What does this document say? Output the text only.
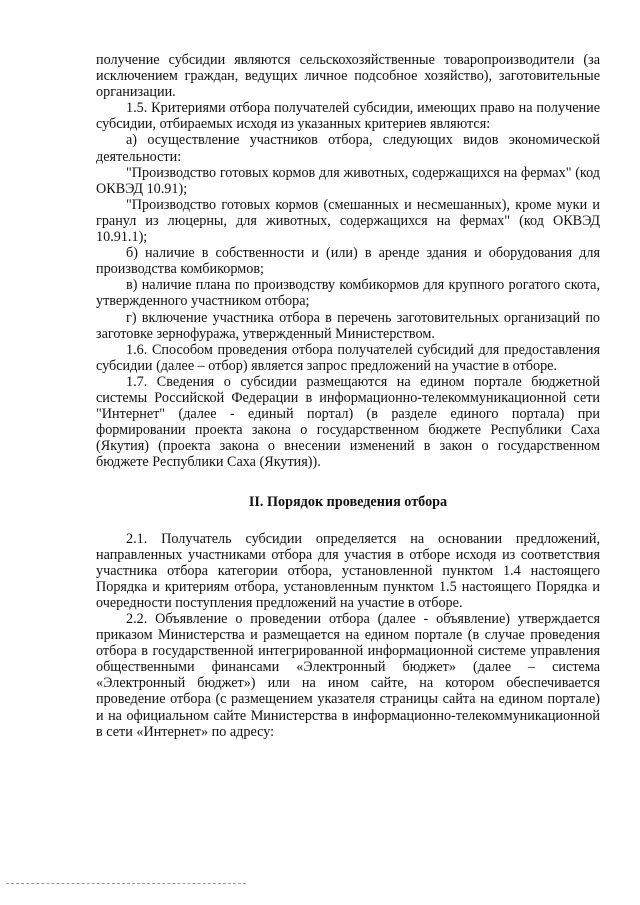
получение субсидии являются сельскохозяйственные товаропроизводители (за исключением граждан, ведущих личное подсобное хозяйство), заготовительные организации.

1.5. Критериями отбора получателей субсидии, имеющих право на получение субсидии, отбираемых исходя из указанных критериев являются:

а) осуществление участников отбора, следующих видов экономической деятельности:

"Производство готовых кормов для животных, содержащихся на фермах" (код ОКВЭД 10.91);

"Производство готовых кормов (смешанных и несмешанных), кроме муки и гранул из люцерны, для животных, содержащихся на фермах" (код ОКВЭД 10.91.1);

б) наличие в собственности и (или) в аренде здания и оборудования для производства комбикормов;

в) наличие плана по производству комбикормов для крупного рогатого скота, утвержденного участником отбора;

г) включение участника отбора в перечень заготовительных организаций по заготовке зернофуража, утвержденный Министерством.

1.6. Способом проведения отбора получателей субсидий для предоставления субсидии (далее – отбор) является запрос предложений на участие в отборе.

1.7. Сведения о субсидии размещаются на едином портале бюджетной системы Российской Федерации в информационно-телекоммуникационной сети "Интернет" (далее - единый портал) (в разделе единого портала) при формировании проекта закона о государственном бюджете Республики Саха (Якутия) (проекта закона о внесении изменений в закон о государственном бюджете Республики Саха (Якутия)).

II. Порядок проведения отбора

2.1. Получатель субсидии определяется на основании предложений, направленных участниками отбора для участия в отборе исходя из соответствия участника отбора категории отбора, установленной пунктом 1.4 настоящего Порядка и критериям отбора, установленным пунктом 1.5 настоящего Порядка и очередности поступления предложений на участие в отборе.

2.2. Объявление о проведении отбора (далее - объявление) утверждается приказом Министерства и размещается на едином портале (в случае проведения отбора в государственной интегрированной информационной системе управления общественными финансами «Электронный бюджет» (далее – система «Электронный бюджет») или на ином сайте, на котором обеспечивается проведение отбора (с размещением указателя страницы сайта на едином портале) и на официальном сайте Министерства в информационно-телекоммуникационной в сети «Интернет» по адресу:
